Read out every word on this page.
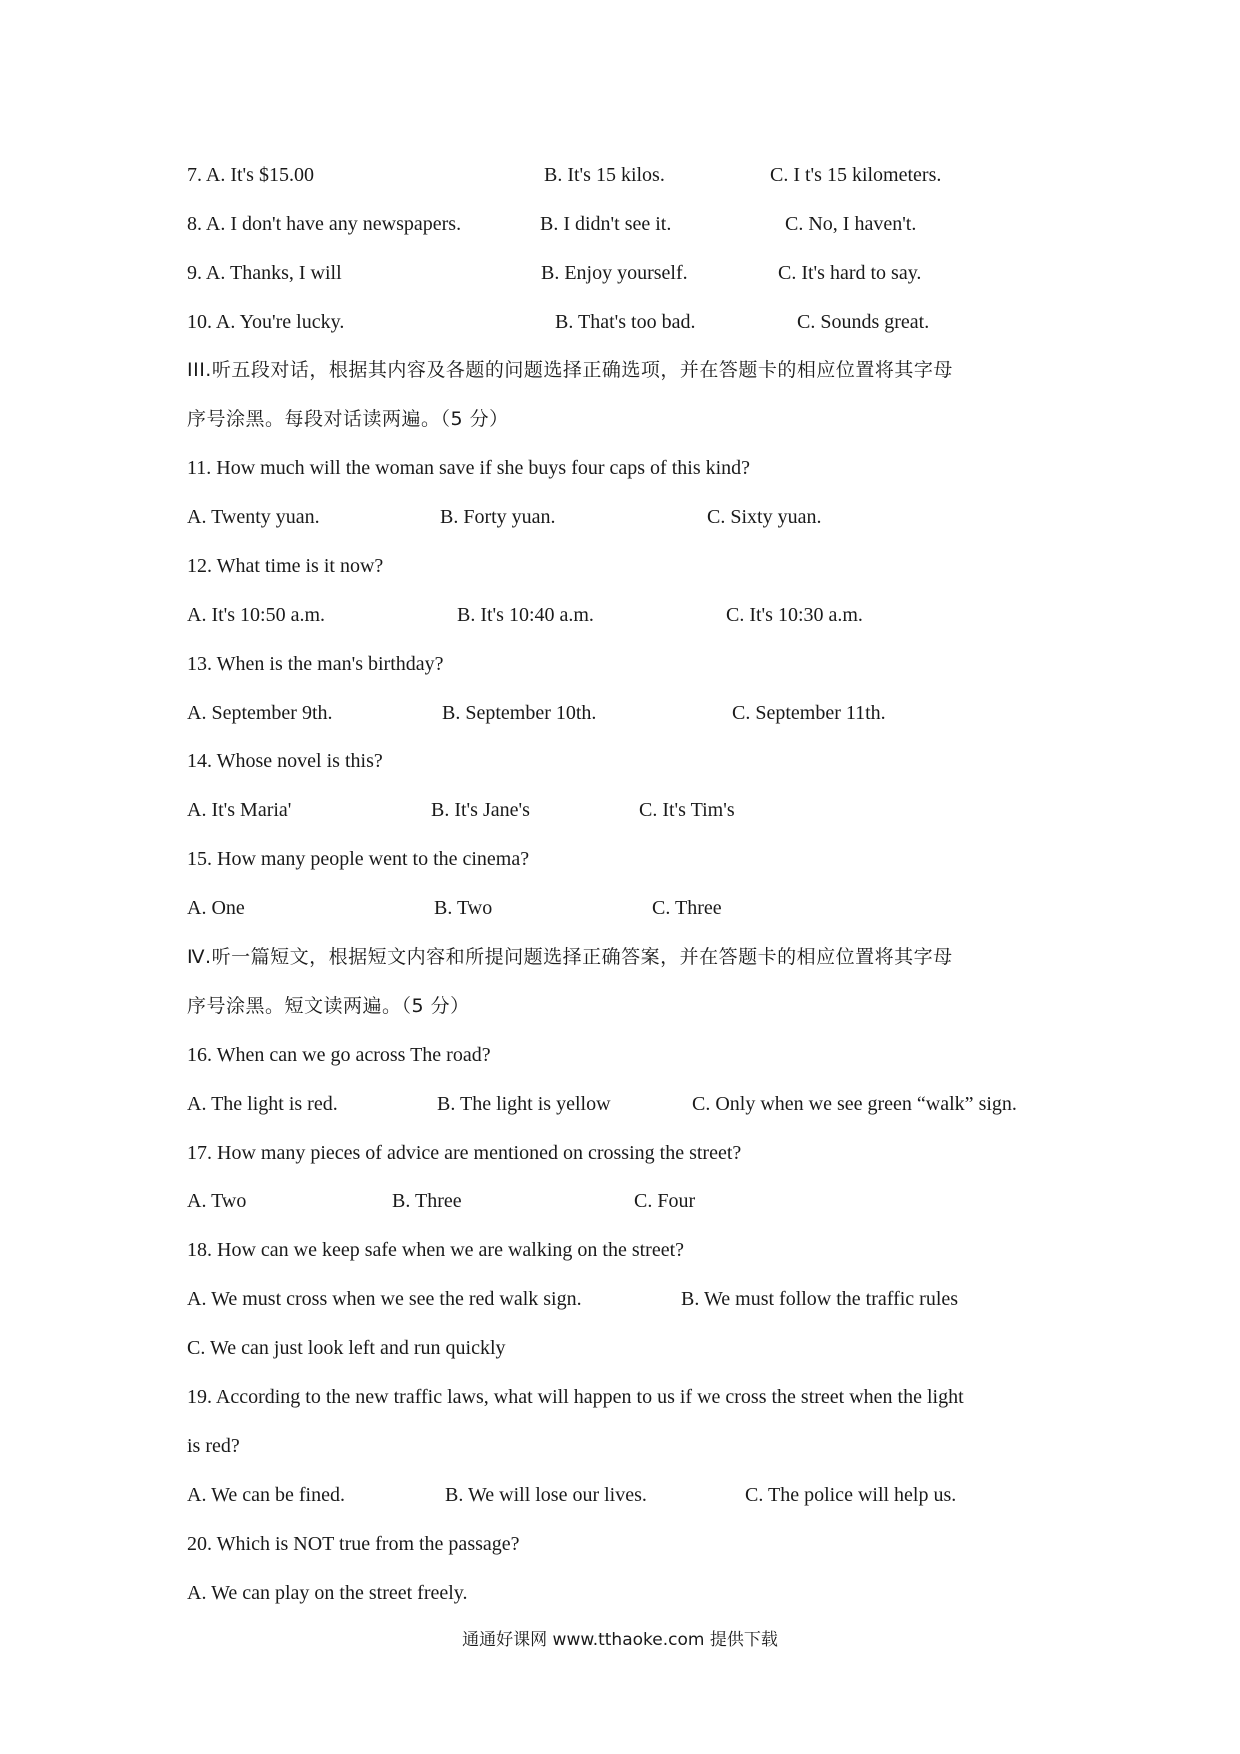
7. A. It's $15.00	B. It's 15 kilos.	C. I t's 15 kilometers.
8. A. I don't have any newspapers.	B. I didn't see it.	C. No, I haven't.
9. A. Thanks, I will	B. Enjoy yourself.	C. It's hard to say.
10. A. You're lucky.	B. That's too bad.	C. Sounds great.
III.听五段对话，根据其内容及各题的问题选择正确选项，并在答题卡的相应位置将其字母
序号涂黑。每段对话读两遍。（5 分）
11. How much will the woman save if she buys four caps of this kind?
A. Twenty yuan.	B. Forty yuan.	C. Sixty yuan.
12. What time is it now?
A. It's 10:50 a.m.	B. It's 10:40 a.m.	C. It's 10:30 a.m.
13. When is the man's birthday?
A. September 9th.	B. September 10th.	C. September 11th.
14. Whose novel is this?
A. It's Maria'	B. It's Jane's	C. It's Tim's
15. How many people went to the cinema?
A. One	B. Two	C. Three
Ⅳ.听一篇短文，根据短文内容和所提问题选择正确答案，并在答题卡的相应位置将其字母
序号涂黑。短文读两遍。（5 分）
16. When can we go across The road?
A. The light is red.	B. The light is yellow	C. Only when we see green “walk” sign.
17. How many pieces of advice are mentioned on crossing the street?
A. Two	B. Three	C. Four
18. How can we keep safe when we are walking on the street?
A. We must cross when we see the red walk sign.	B. We must follow the traffic rules
C. We can just look left and run quickly
19. According to the new traffic laws, what will happen to us if we cross the street when the light
is red?
A. We can be fined.	B. We will lose our lives.	C. The police will help us.
20. Which is NOT true from the passage?
A. We can play on the street freely.
通通好课网 www.tthaoke.com 提供下载
